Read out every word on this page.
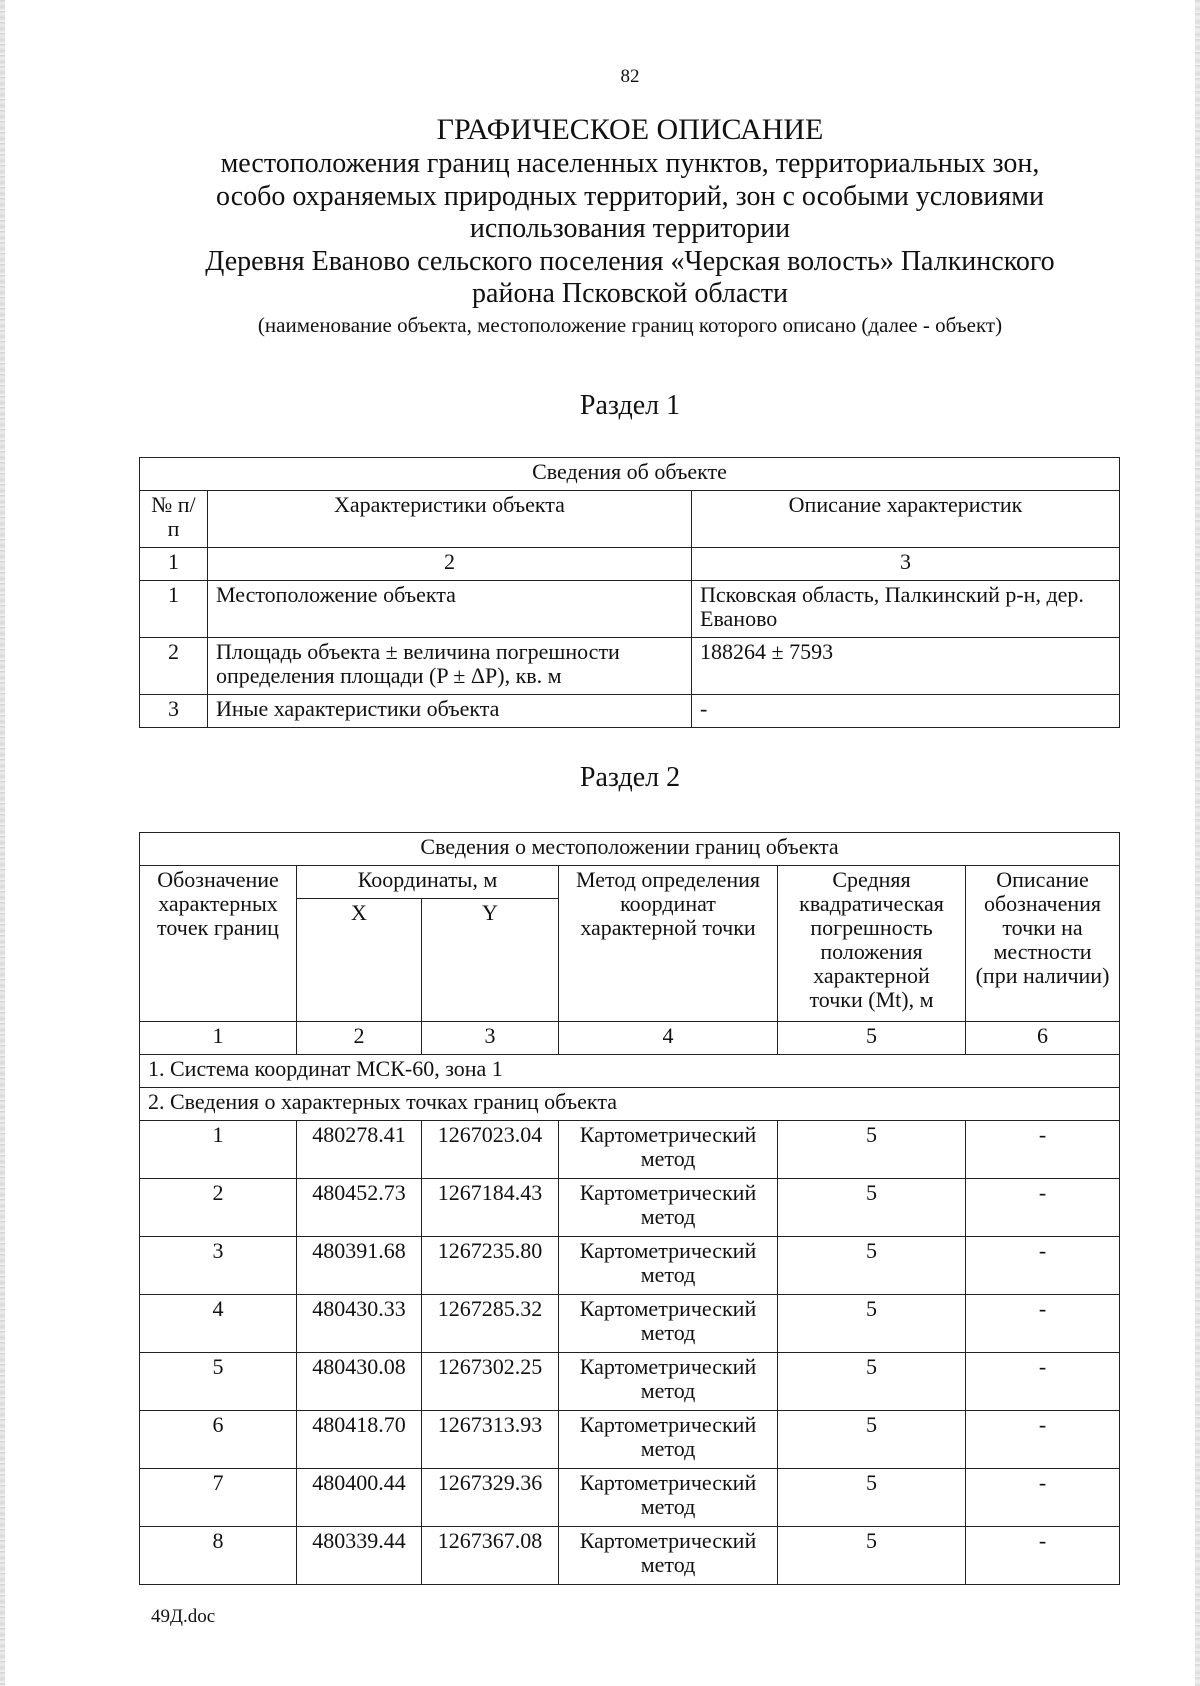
82

ГРАФИЧЕСКОЕ ОПИСАНИЕ

местоположения границ населенных пунктов, территориальных зон,

особо охраняемых природных территорий, зон с особыми условиями

использования территории

Деревня Еваново сельского поселения «Черская волость» Палкинского

района Псковской области

(наименование объекта, местоположение границ которого описано (далее - объект)

Раздел 1
Сведения об объекте		
№ п/п	Характеристики объекта	Описание характеристик
1	2	3
1	Местоположение объекта	Псковская область, Палкинский р-н, дер. Еваново
2	Площадь объекта ± величина погрешности определения площади (P ± ΔP), кв. м	188264 ± 7593
3	Иные характеристики объекта	-
Раздел 2
Сведения о местоположении границ объекта					
Обозначение характерных точек границ	Координаты, м		Метод определения координат характерной точки	Средняя квадратическая погрешность положения характерной точки (Mt), м	Описание обозначения точки на местности (при наличии)
	X	Y			
1	2	3	4	5	6
1. Система координат МСК-60, зона 1					
2. Сведения о характерных точках границ объекта					
1	480278.41	1267023.04	Картометрический метод	5	-
2	480452.73	1267184.43	Картометрический метод	5	-
3	480391.68	1267235.80	Картометрический метод	5	-
4	480430.33	1267285.32	Картометрический метод	5	-
5	480430.08	1267302.25	Картометрический метод	5	-
6	480418.70	1267313.93	Картометрический метод	5	-
7	480400.44	1267329.36	Картометрический метод	5	-
8	480339.44	1267367.08	Картометрический метод	5	-
49Д.doc
